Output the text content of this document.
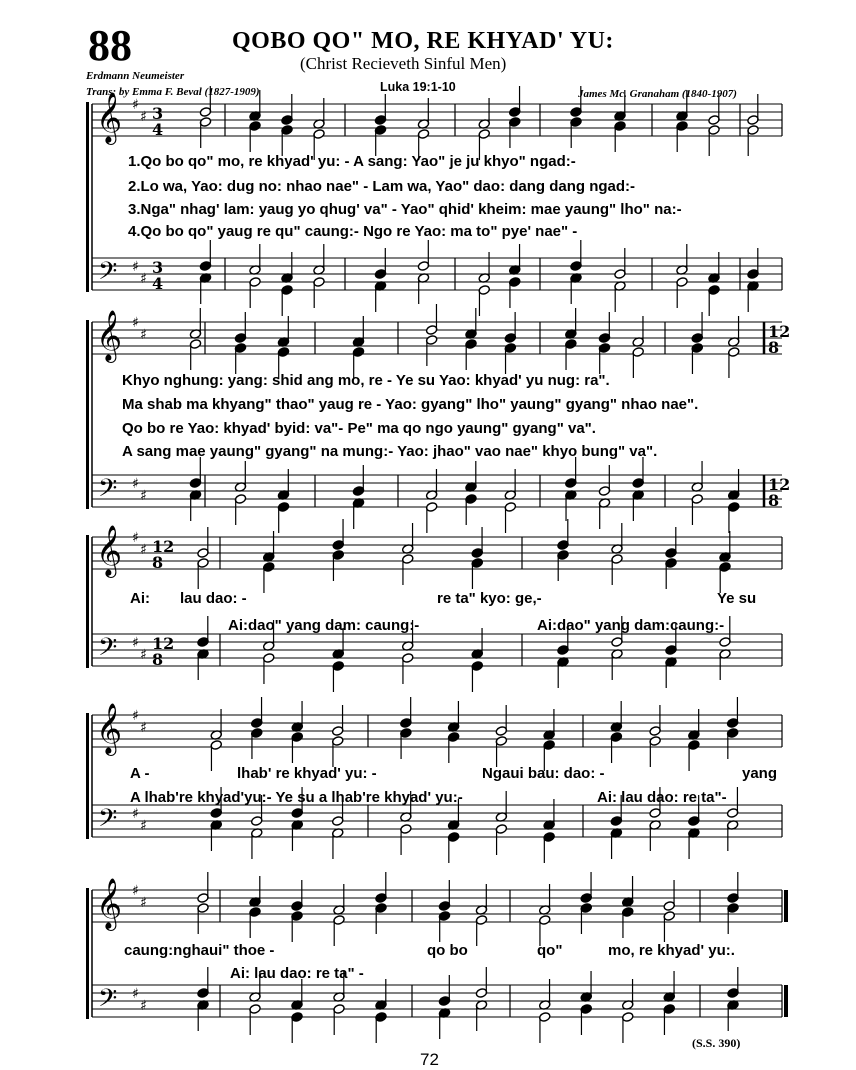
88	QOBO QO" MO, RE KHYAD' YU:
(Christ Recieveth Sinful Men)
Erdmann Neumeister
Trans: by Emma F. Beval (1827-1909)	Luka 19:1-10	James Mc. Granaham (1840-1907)
𝄞
𝄢
♯
♯
♯
♯
3
4
3
4
𝄞
𝄢
♯
♯
♯
♯
12
8
12
8
𝄞
𝄢
♯
♯
♯
♯
12
8
12
8
𝄞
𝄢
♯
♯
♯
♯
𝄞
𝄢
♯
♯
♯
♯
1.Qo bo qo" mo, re khyad' yu: - A sang: Yao" je ju khyo" ngad:-
2.Lo wa, Yao: dug no: nhao nae" - Lam wa, Yao" dao: dang dang ngad:-
3.Nga" nhag' lam: yaug yo qhug' va" - Yao" qhid' kheim: mae yaung" lho" na:-
4.Qo bo qo" yaug re qu" caung:- Ngo re Yao: ma to" pye' nae" -
Khyo nghung: yang: shid ang mo, re - Ye su Yao: khyad' yu nug: ra".
Ma shab ma khyang" thao" yaug re - Yao: gyang" lho" yaung" gyang" nhao nae".
Qo bo re Yao: khyad' byid: va"- Pe" ma qo ngo yaung" gyang" va".
A sang mae yaung" gyang" na mung:- Yao: jhao" vao nae" khyo bung" va".
Ai: lau dao: -	re ta" kyo: ge,-	Ye su
Ai:dao" yang dam: caung:-	Ai:dao" yang dam:caung:-
A -	lhab' re khyad' yu: -	Ngaui bau: dao: -	yang
A lhab're khyad'yu:- Ye su a lhab're khyad' yu:-	Ai: lau dao: re ta"-
caung:nghaui" thoe -	qo bo	qo"	mo, re khyad' yu:.
Ai: lau dao: re ta" -
(S.S. 390)
72
